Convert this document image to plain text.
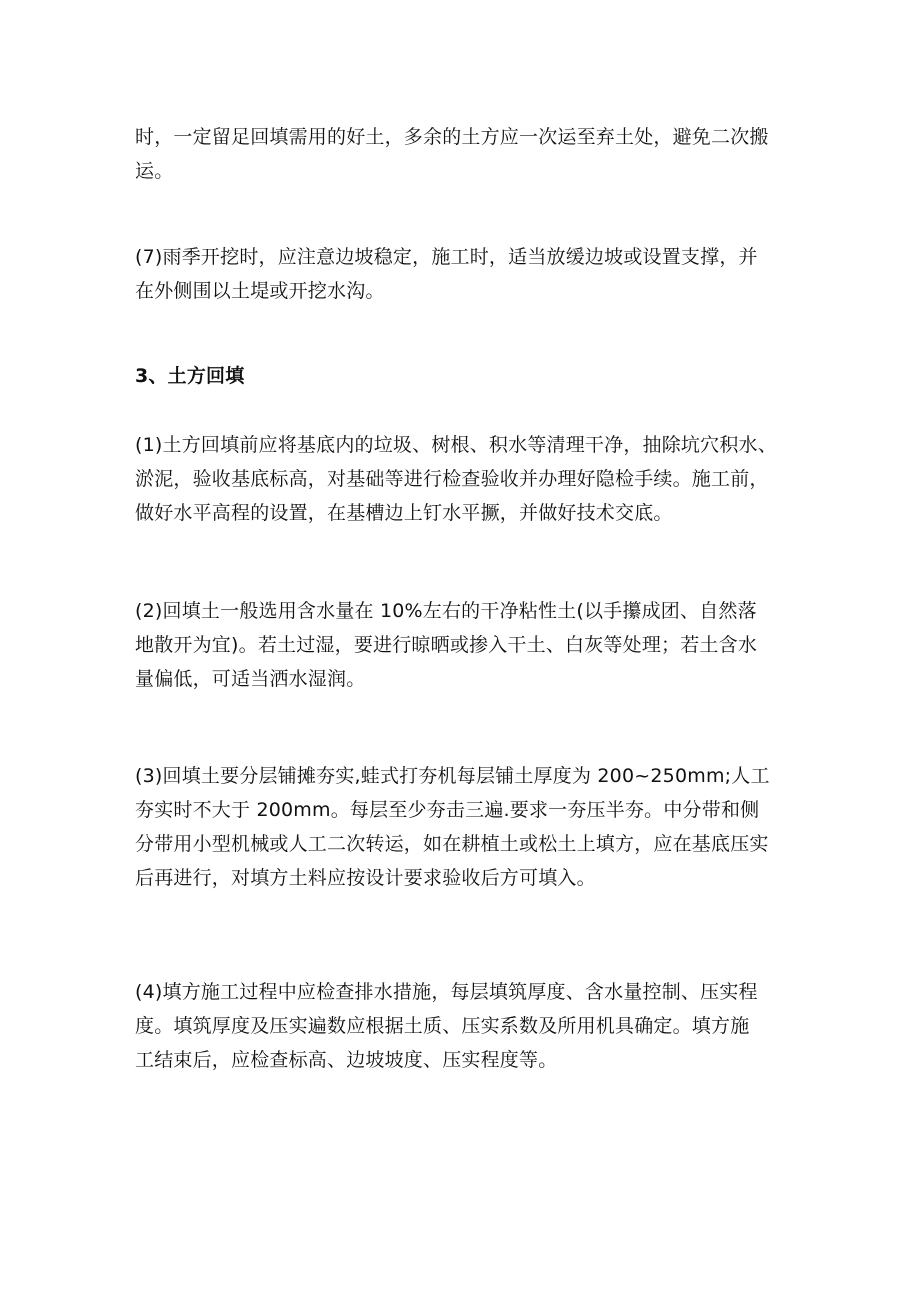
时，一定留足回填需用的好土，多余的土方应一次运至弃土处，避免二次搬
运。
(7)雨季开挖时，应注意边坡稳定，施工时，适当放缓边坡或设置支撑，并
在外侧围以土堤或开挖水沟。
3、土方回填
(1)土方回填前应将基底内的垃圾、树根、积水等清理干净，抽除坑穴积水、
淤泥，验收基底标高，对基础等进行检查验收并办理好隐检手续。施工前，
做好水平高程的设置，在基槽边上钉水平撅，并做好技术交底。
(2)回填土一般选用含水量在 10%左右的干净粘性土(以手攥成团、自然落
地散开为宜)。若土过湿，要进行晾晒或掺入干土、白灰等处理；若土含水
量偏低，可适当洒水湿润。
(3)回填土要分层铺摊夯实,蛙式打夯机每层铺土厚度为 200~250mm;人工
夯实时不大于 200mm。每层至少夯击三遍.要求一夯压半夯。中分带和侧
分带用小型机械或人工二次转运，如在耕植土或松土上填方，应在基底压实
后再进行，对填方土料应按设计要求验收后方可填入。
(4)填方施工过程中应检查排水措施，每层填筑厚度、含水量控制、压实程
度。填筑厚度及压实遍数应根据土质、压实系数及所用机具确定。填方施
工结束后，应检查标高、边坡坡度、压实程度等。
